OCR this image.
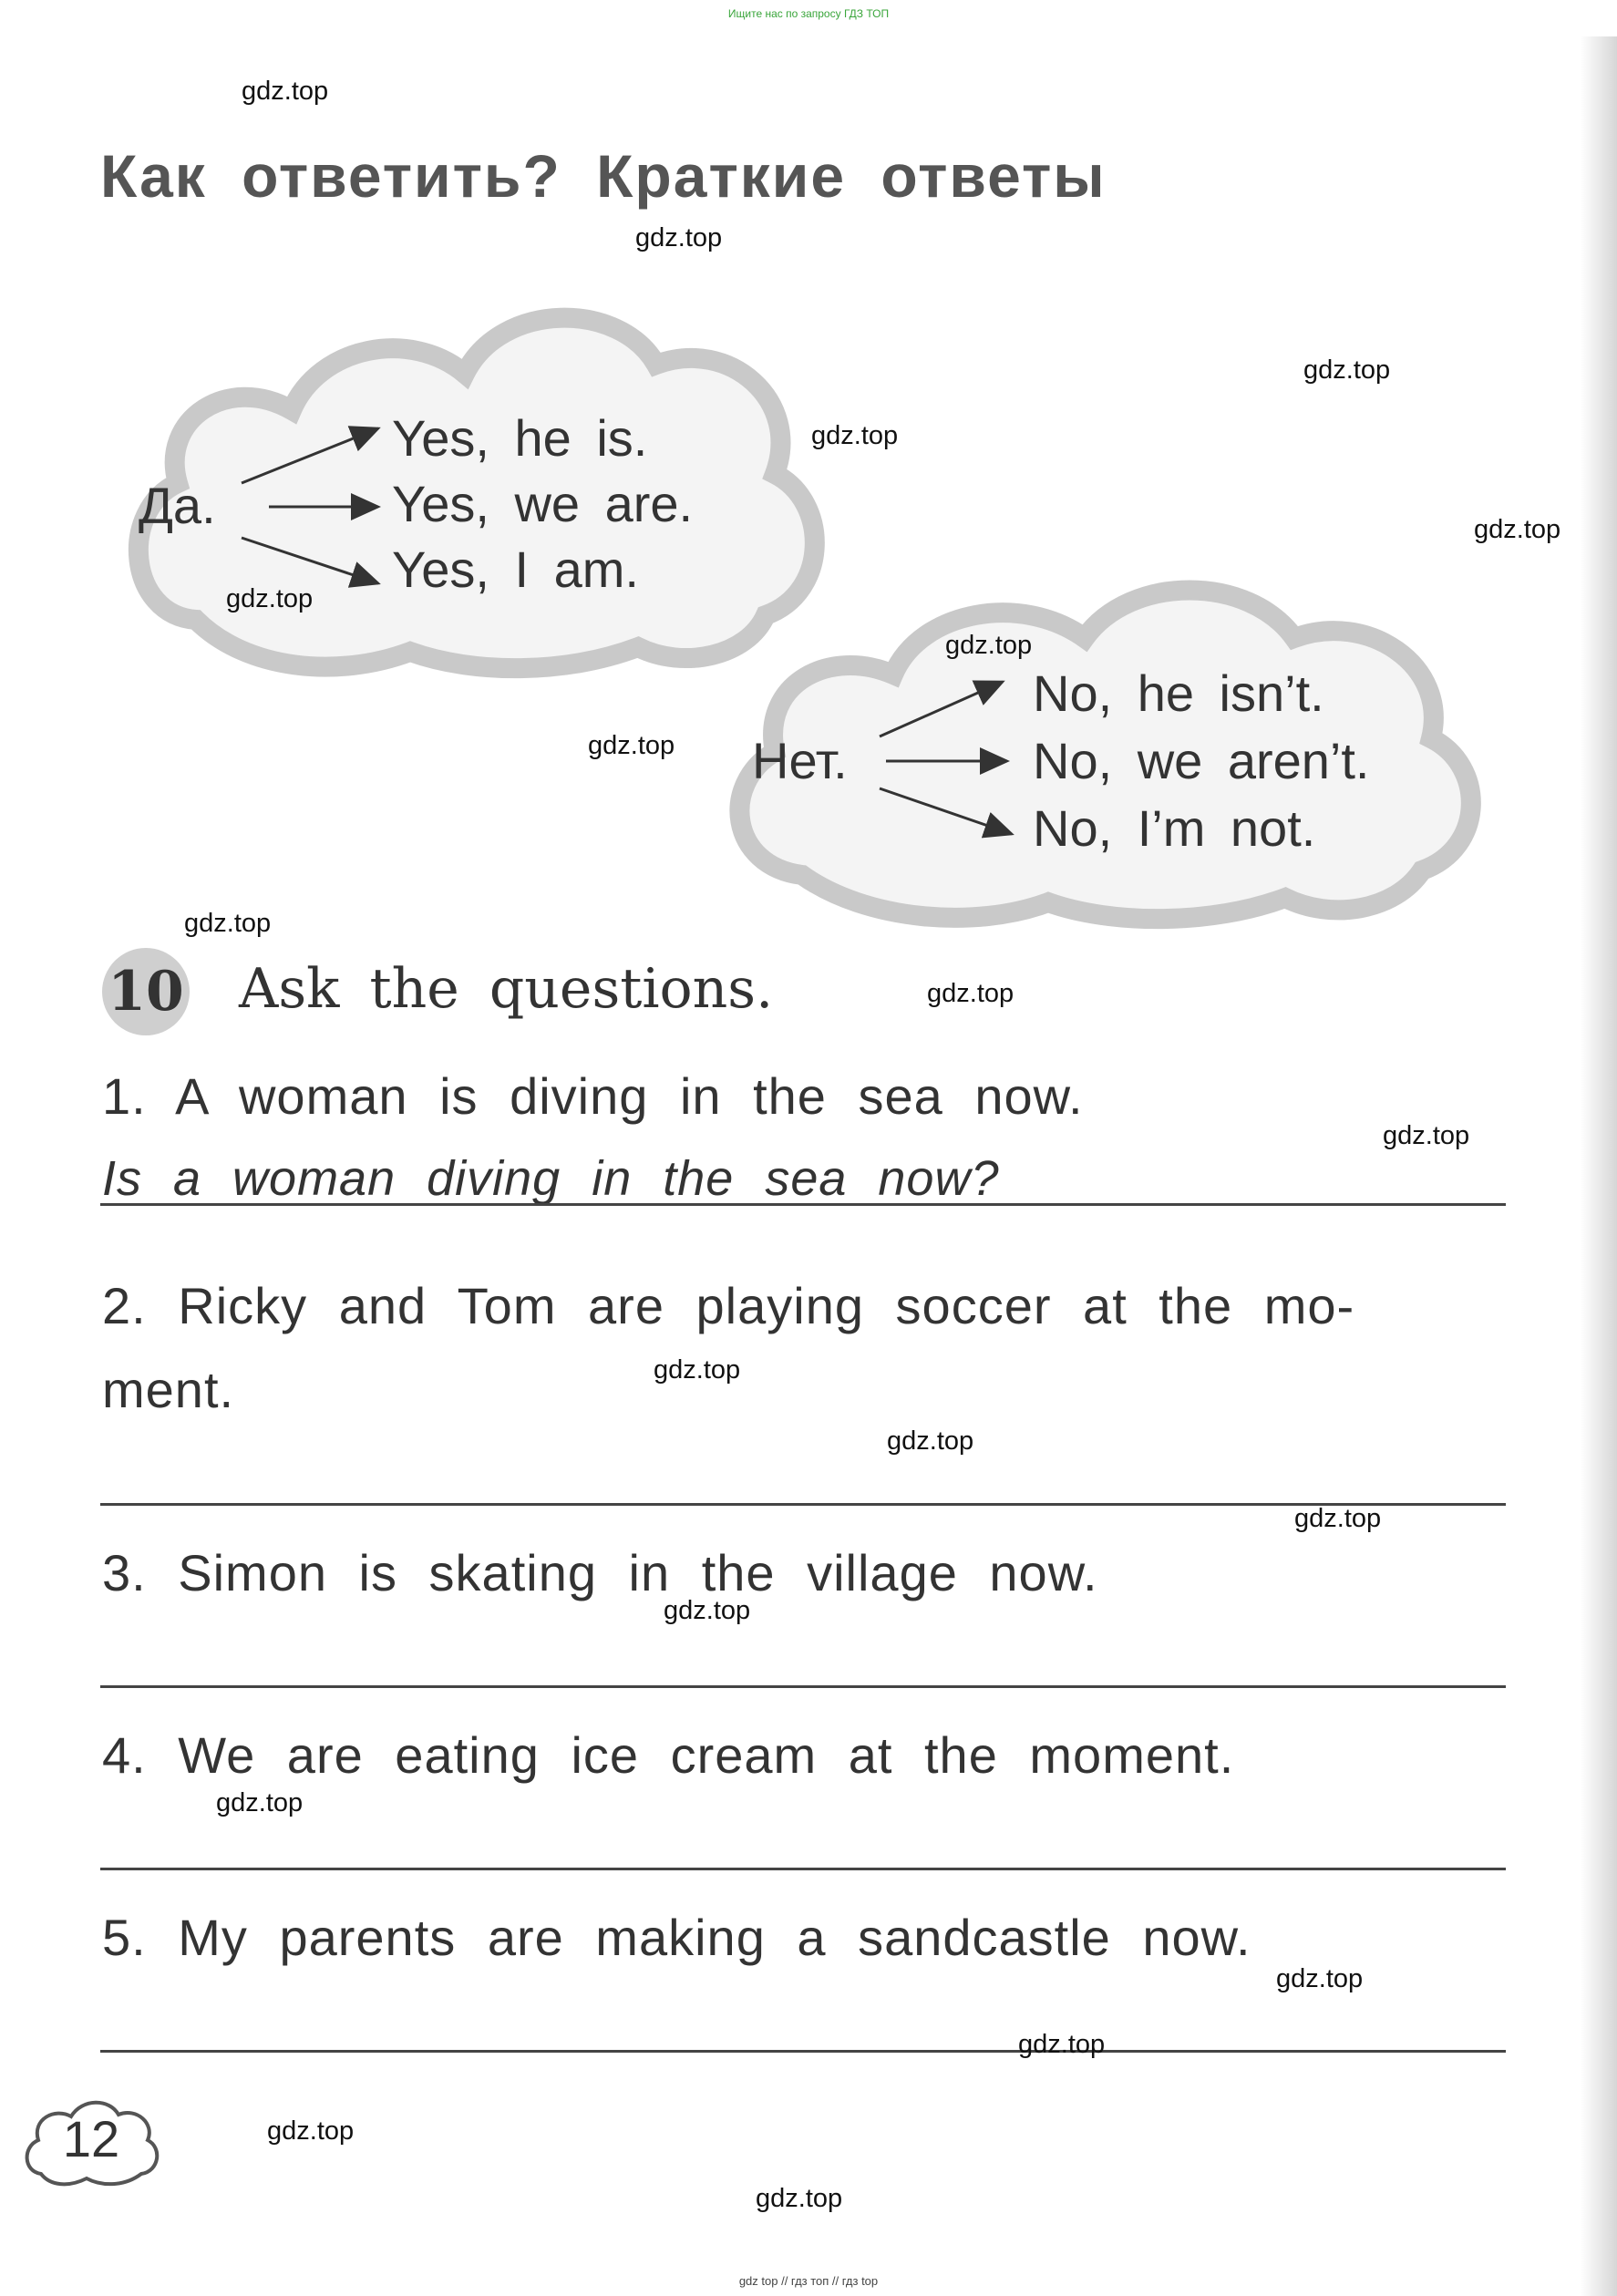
Ищите нас по запросу ГДЗ ТОП
gdz.top
Как ответить? Краткие ответы
gdz.top
gdz.top
gdz.top
gdz.top
Да.
Yes, he is.
Yes, we are.
Yes, I am.
gdz.top
gdz.top
gdz.top Нет.
No, he isn’t.
No, we aren’t.
No, I’m not.
gdz.top
10 Ask the questions.	gdz.top
1. A woman is diving in the sea now.
gdz.top
Is a woman diving in the sea now?
2. Ricky and Tom are playing soccer at the mo-
ment.	gdz.top
gdz.top
gdz.top
3. Simon is skating in the village now.
gdz.top
4. We are eating ice cream at the moment.
gdz.top
5. My parents are making a sandcastle now.
gdz.top
gdz.top
12	gdz.top
gdz.top
gdz top // гдз топ // гдз top
